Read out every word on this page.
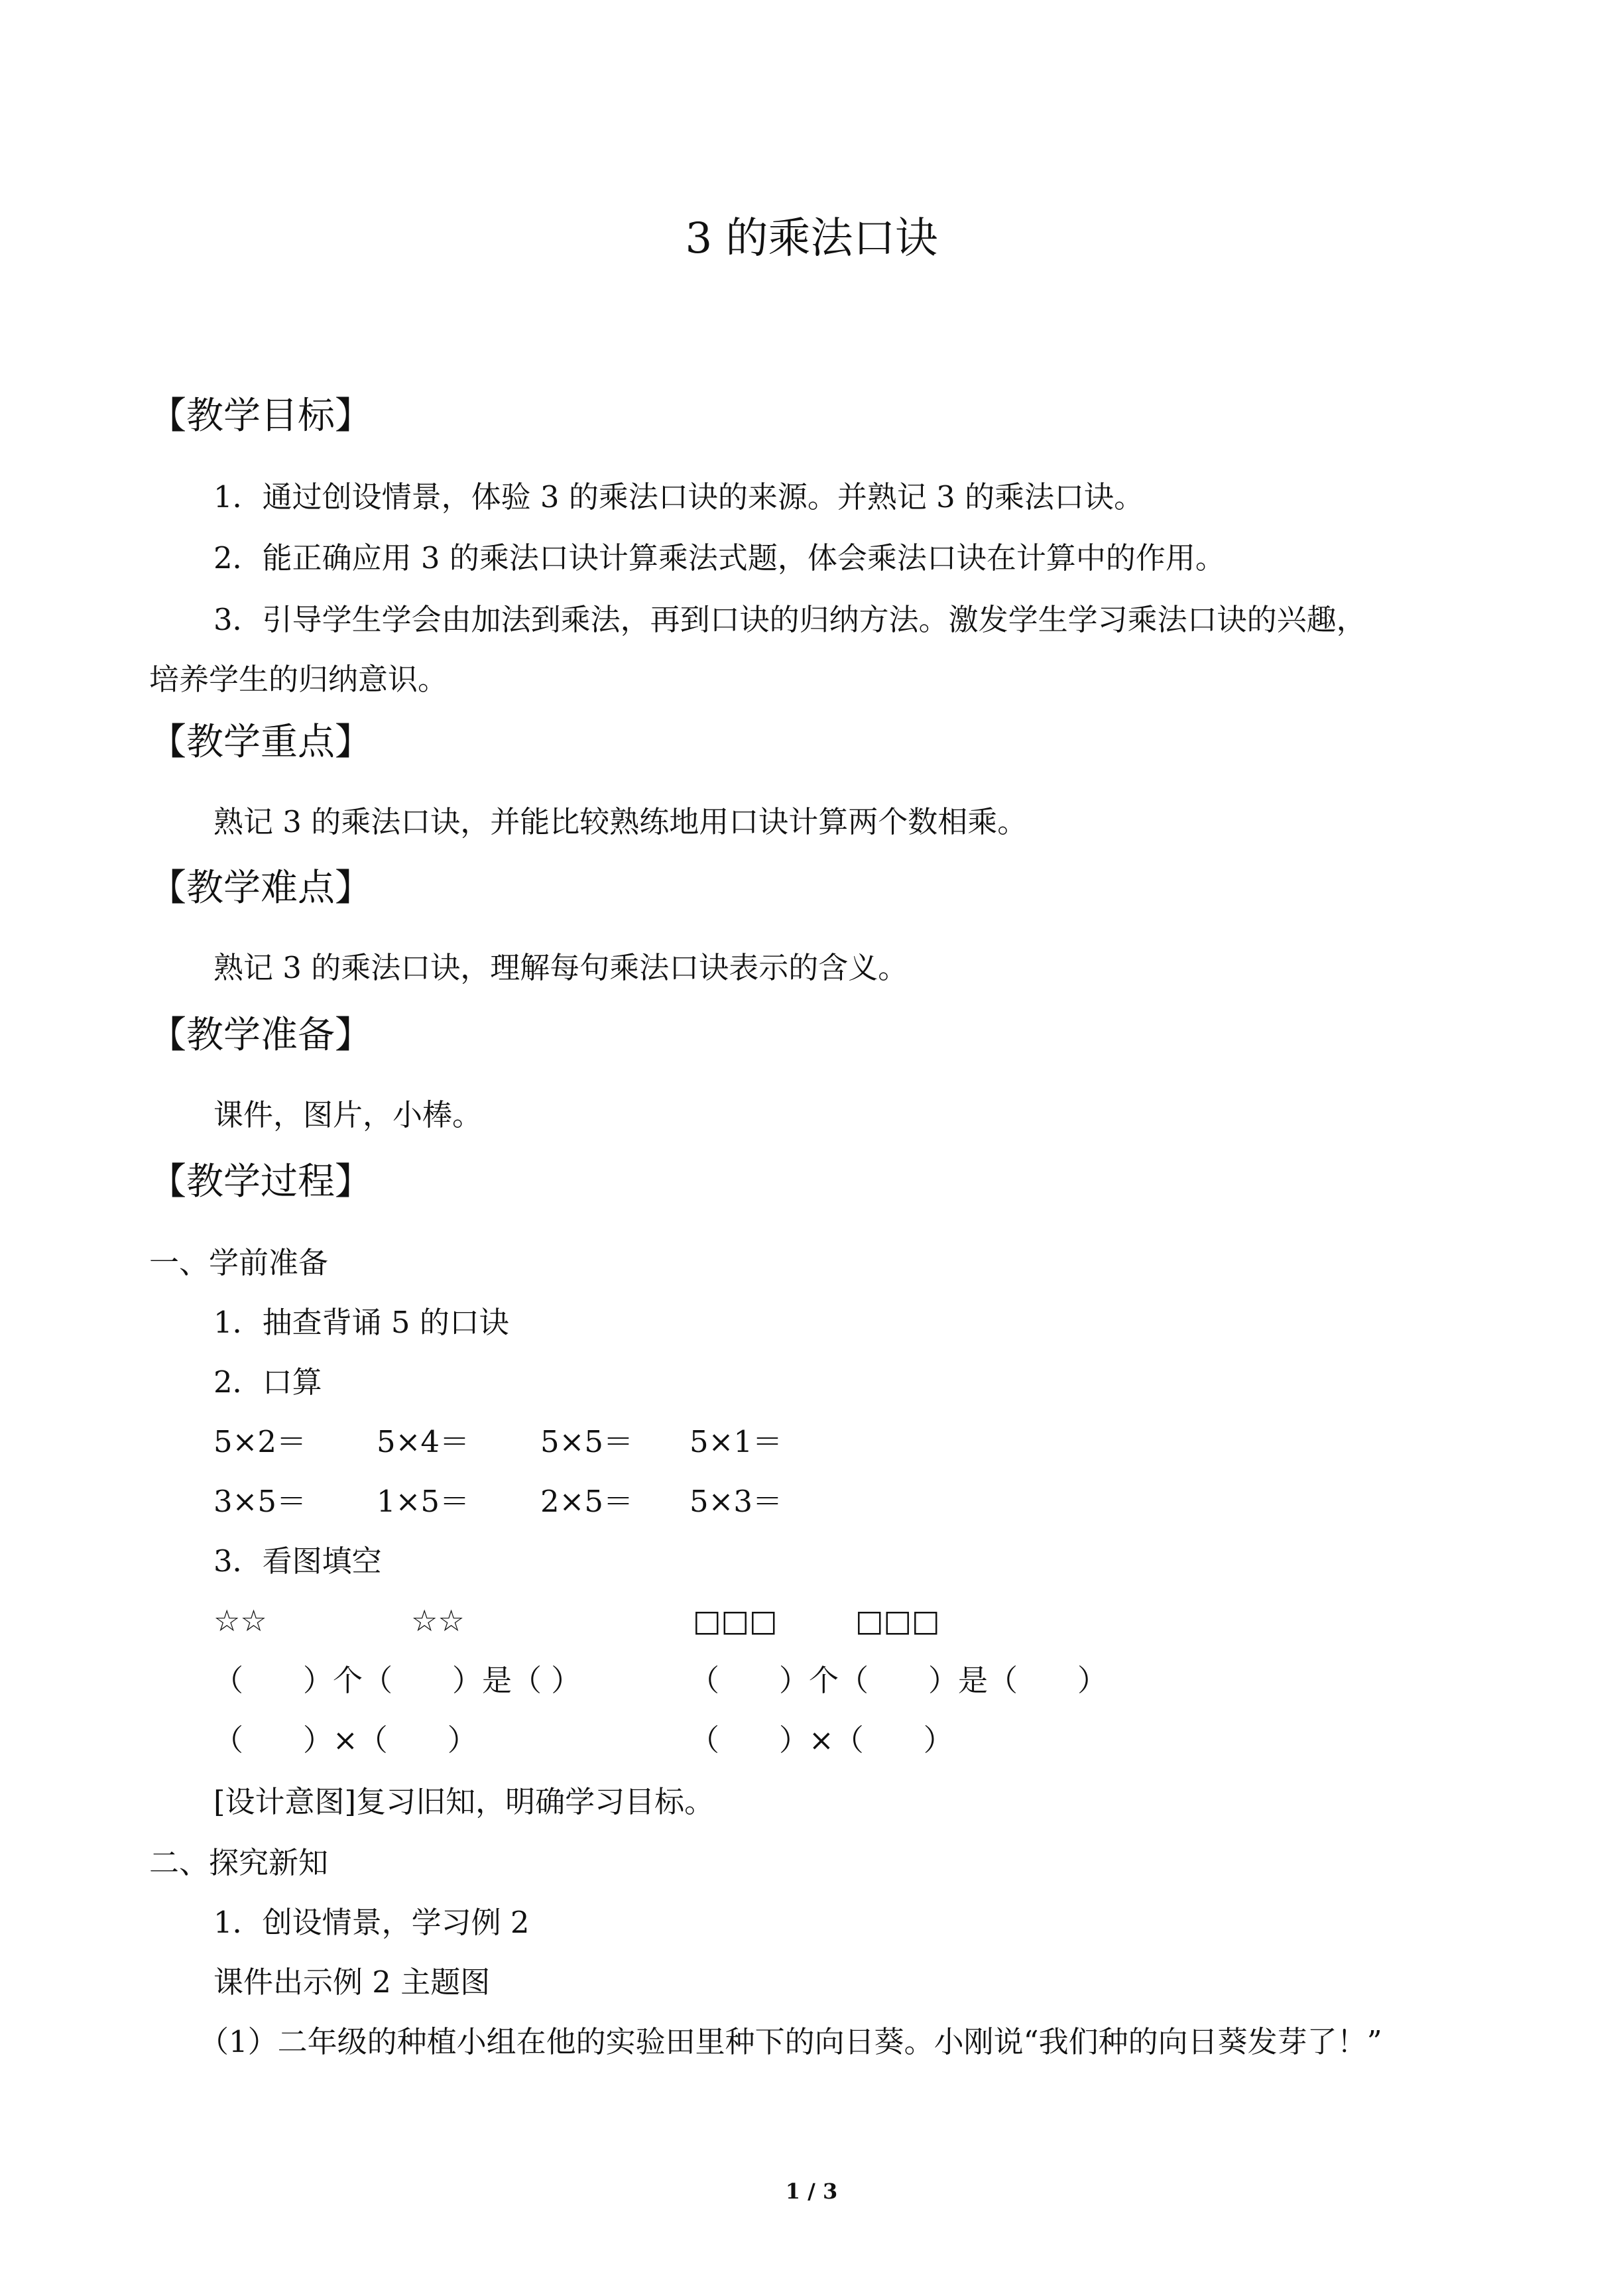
3 的乘法口诀
【教学目标】
1．通过创设情景，体验 3 的乘法口诀的来源。并熟记 3 的乘法口诀。
2．能正确应用 3 的乘法口诀计算乘法式题，体会乘法口诀在计算中的作用。
3．引导学生学会由加法到乘法，再到口诀的归纳方法。激发学生学习乘法口诀的兴趣，
培养学生的归纳意识。
【教学重点】
熟记 3 的乘法口诀，并能比较熟练地用口诀计算两个数相乘。
【教学难点】
熟记 3 的乘法口诀，理解每句乘法口诀表示的含义。
【教学准备】
课件，图片，小棒。
【教学过程】
一、学前准备
1．抽查背诵 5 的口诀
2．口算
5×2＝ 5×4＝ 5×5＝ 5×1＝
3×5＝ 1×5＝ 2×5＝ 5×3＝
3．看图填空
☆☆	☆☆	□□□	□□□
（　　）个（　　）是（ ）	（　　）个（　　）是（　　）
（　　）×（　　）	（　　）×（　　）
[设计意图]复习旧知，明确学习目标。
二、探究新知
1．创设情景，学习例 2
课件出示例 2 主题图
（1）二年级的种植小组在他的实验田里种下的向日葵。小刚说“我们种的向日葵发芽了！”
1 / 3
